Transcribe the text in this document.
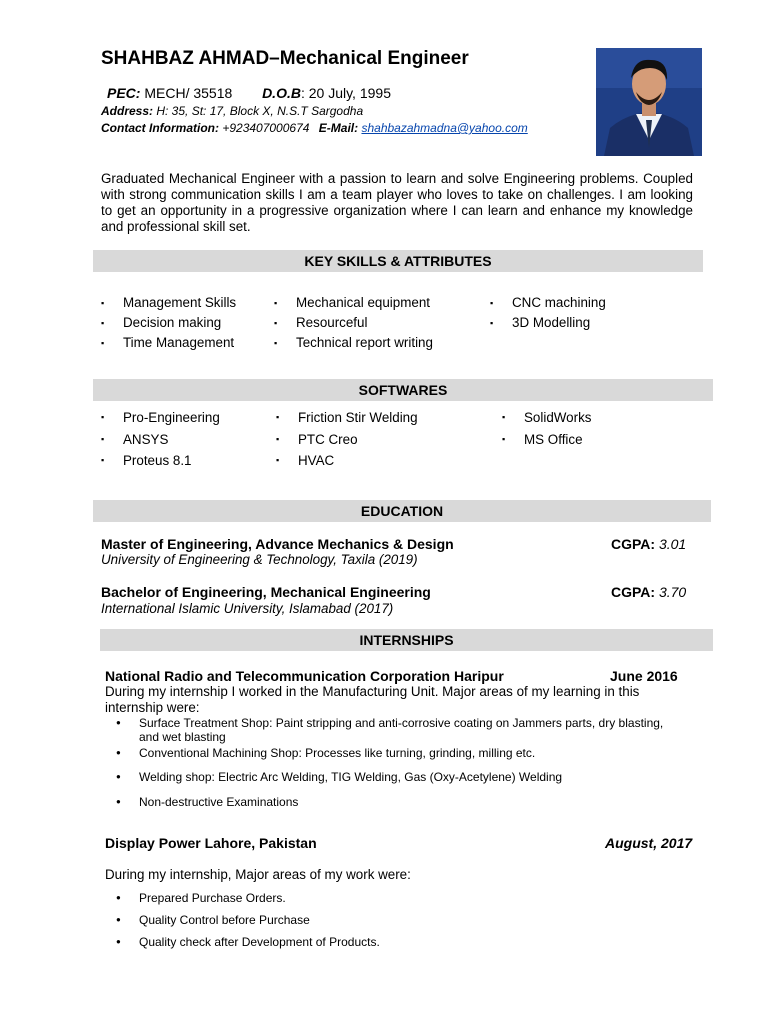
SHAHBAZ AHMAD–Mechanical Engineer
PEC: MECH/ 35518 D.O.B: 20 July, 1995
Address: H: 35, St: 17, Block X, N.S.T Sargodha
Contact Information: +923407000674 E-Mail: shahbazahmadna@yahoo.com
Graduated Mechanical Engineer with a passion to learn and solve Engineering problems. Coupled with strong communication skills I am a team player who loves to take on challenges. I am looking to get an opportunity in a progressive organization where I can learn and enhance my knowledge and professional skill set.
KEY SKILLS & ATTRIBUTES
▪ Management Skills
▪ Decision making
▪ Time Management
▪ Mechanical equipment
▪ Resourceful
▪ Technical report writing
▪ CNC machining
▪ 3D Modelling
SOFTWARES
▪ Pro-Engineering
▪ ANSYS
▪ Proteus 8.1
▪ Friction Stir Welding
▪ PTC Creo
▪ HVAC
▪ SolidWorks
▪ MS Office
EDUCATION
Master of Engineering, Advance Mechanics & Design	CGPA: 3.01
University of Engineering & Technology, Taxila (2019)
Bachelor of Engineering, Mechanical Engineering	CGPA: 3.70
International Islamic University, Islamabad (2017)
INTERNSHIPS
National Radio and Telecommunication Corporation Haripur	June 2016
During my internship I worked in the Manufacturing Unit. Major areas of my learning in this internship were:
● Surface Treatment Shop: Paint stripping and anti-corrosive coating on Jammers parts, dry blasting, and wet blasting
● Conventional Machining Shop: Processes like turning, grinding, milling etc.
● Welding shop: Electric Arc Welding, TIG Welding, Gas (Oxy-Acetylene) Welding
● Non-destructive Examinations
Display Power Lahore, Pakistan	August, 2017
During my internship, Major areas of my work were:
● Prepared Purchase Orders.
● Quality Control before Purchase
● Quality check after Development of Products.
